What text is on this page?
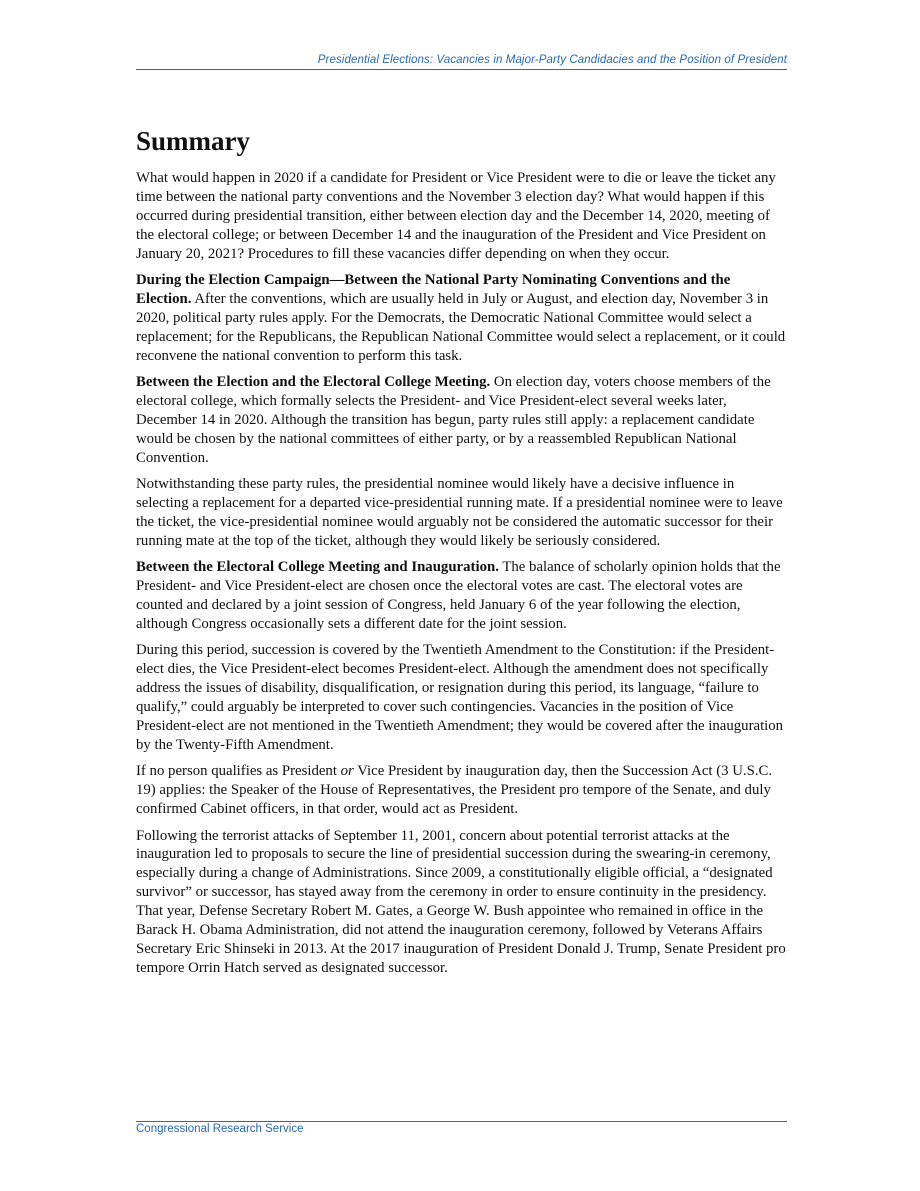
Presidential Elections: Vacancies in Major-Party Candidacies and the Position of President
Summary

What would happen in 2020 if a candidate for President or Vice President were to die or leave the ticket any time between the national party conventions and the November 3 election day? What would happen if this occurred during presidential transition, either between election day and the December 14, 2020, meeting of the electoral college; or between December 14 and the inauguration of the President and Vice President on January 20, 2021? Procedures to fill these vacancies differ depending on when they occur.

During the Election Campaign—Between the National Party Nominating Conventions and the Election. After the conventions, which are usually held in July or August, and election day, November 3 in 2020, political party rules apply. For the Democrats, the Democratic National Committee would select a replacement; for the Republicans, the Republican National Committee would select a replacement, or it could reconvene the national convention to perform this task.

Between the Election and the Electoral College Meeting. On election day, voters choose members of the electoral college, which formally selects the President- and Vice President-elect several weeks later, December 14 in 2020. Although the transition has begun, party rules still apply: a replacement candidate would be chosen by the national committees of either party, or by a reassembled Republican National Convention.

Notwithstanding these party rules, the presidential nominee would likely have a decisive influence in selecting a replacement for a departed vice-presidential running mate. If a presidential nominee were to leave the ticket, the vice-presidential nominee would arguably not be considered the automatic successor for their running mate at the top of the ticket, although they would likely be seriously considered.

Between the Electoral College Meeting and Inauguration. The balance of scholarly opinion holds that the President- and Vice President-elect are chosen once the electoral votes are cast. The electoral votes are counted and declared by a joint session of Congress, held January 6 of the year following the election, although Congress occasionally sets a different date for the joint session.

During this period, succession is covered by the Twentieth Amendment to the Constitution: if the President-elect dies, the Vice President-elect becomes President-elect. Although the amendment does not specifically address the issues of disability, disqualification, or resignation during this period, its language, “failure to qualify,” could arguably be interpreted to cover such contingencies. Vacancies in the position of Vice President-elect are not mentioned in the Twentieth Amendment; they would be covered after the inauguration by the Twenty-Fifth Amendment.

If no person qualifies as President or Vice President by inauguration day, then the Succession Act (3 U.S.C. 19) applies: the Speaker of the House of Representatives, the President pro tempore of the Senate, and duly confirmed Cabinet officers, in that order, would act as President.

Following the terrorist attacks of September 11, 2001, concern about potential terrorist attacks at the inauguration led to proposals to secure the line of presidential succession during the swearing-in ceremony, especially during a change of Administrations. Since 2009, a constitutionally eligible official, a “designated survivor” or successor, has stayed away from the ceremony in order to ensure continuity in the presidency. That year, Defense Secretary Robert M. Gates, a George W. Bush appointee who remained in office in the Barack H. Obama Administration, did not attend the inauguration ceremony, followed by Veterans Affairs Secretary Eric Shinseki in 2013. At the 2017 inauguration of President Donald J. Trump, Senate President pro tempore Orrin Hatch served as designated successor.

Congressional Research Service
